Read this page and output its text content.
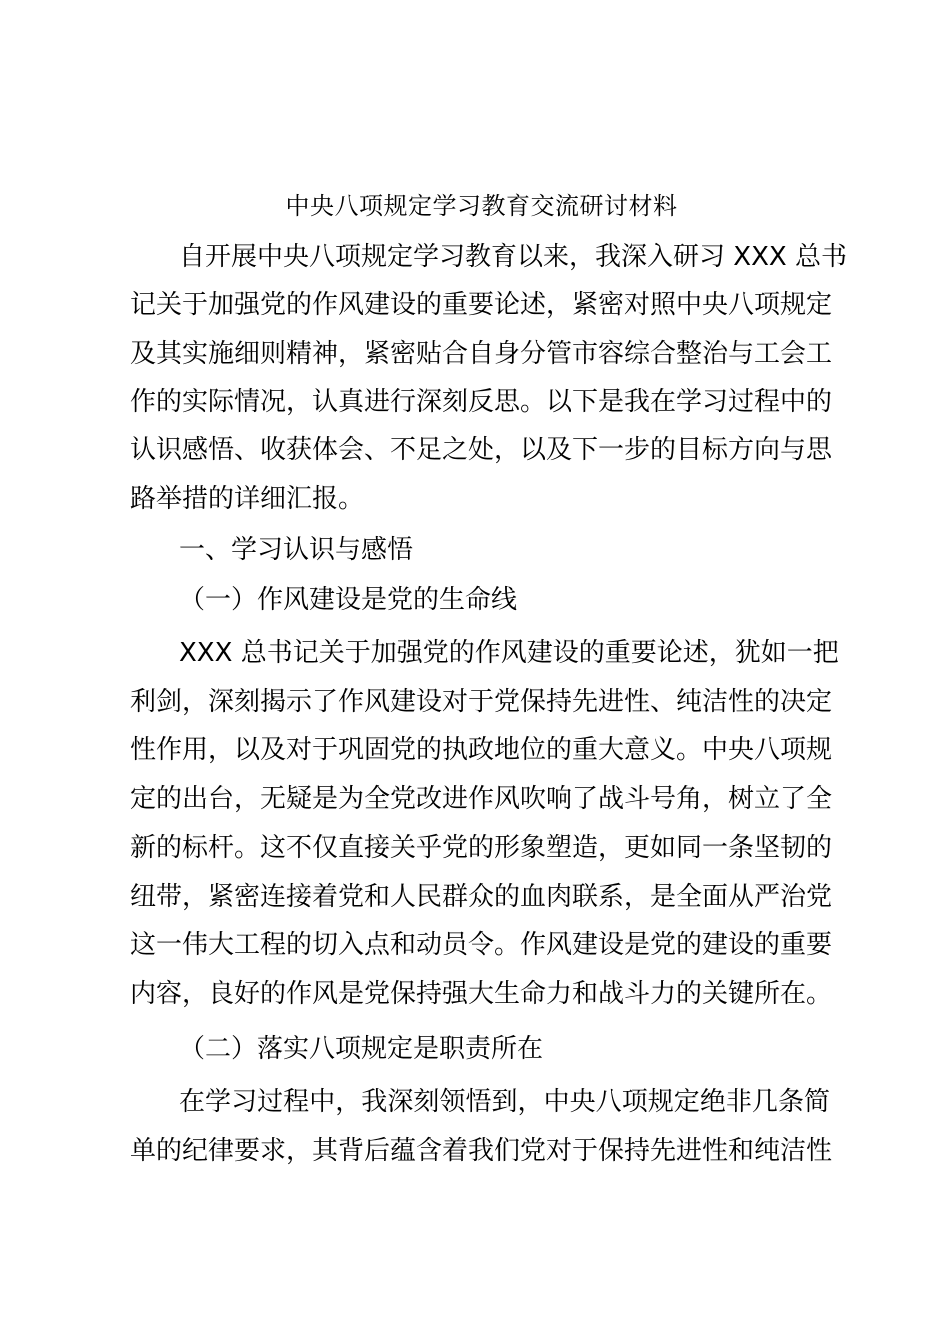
中央八项规定学习教育交流研讨材料
自开展中央八项规定学习教育以来，我深入研习 XXX 总书
记关于加强党的作风建设的重要论述，紧密对照中央八项规定
及其实施细则精神，紧密贴合自身分管市容综合整治与工会工
作的实际情况，认真进行深刻反思。以下是我在学习过程中的
认识感悟、收获体会、不足之处，以及下一步的目标方向与思
路举措的详细汇报。
一、学习认识与感悟
（一）作风建设是党的生命线
XXX 总书记关于加强党的作风建设的重要论述，犹如一把
利剑，深刻揭示了作风建设对于党保持先进性、纯洁性的决定
性作用，以及对于巩固党的执政地位的重大意义。中央八项规
定的出台，无疑是为全党改进作风吹响了战斗号角，树立了全
新的标杆。这不仅直接关乎党的形象塑造，更如同一条坚韧的
纽带，紧密连接着党和人民群众的血肉联系，是全面从严治党
这一伟大工程的切入点和动员令。作风建设是党的建设的重要
内容，良好的作风是党保持强大生命力和战斗力的关键所在。
（二）落实八项规定是职责所在
在学习过程中，我深刻领悟到，中央八项规定绝非几条简
单的纪律要求，其背后蕴含着我们党对于保持先进性和纯洁性
